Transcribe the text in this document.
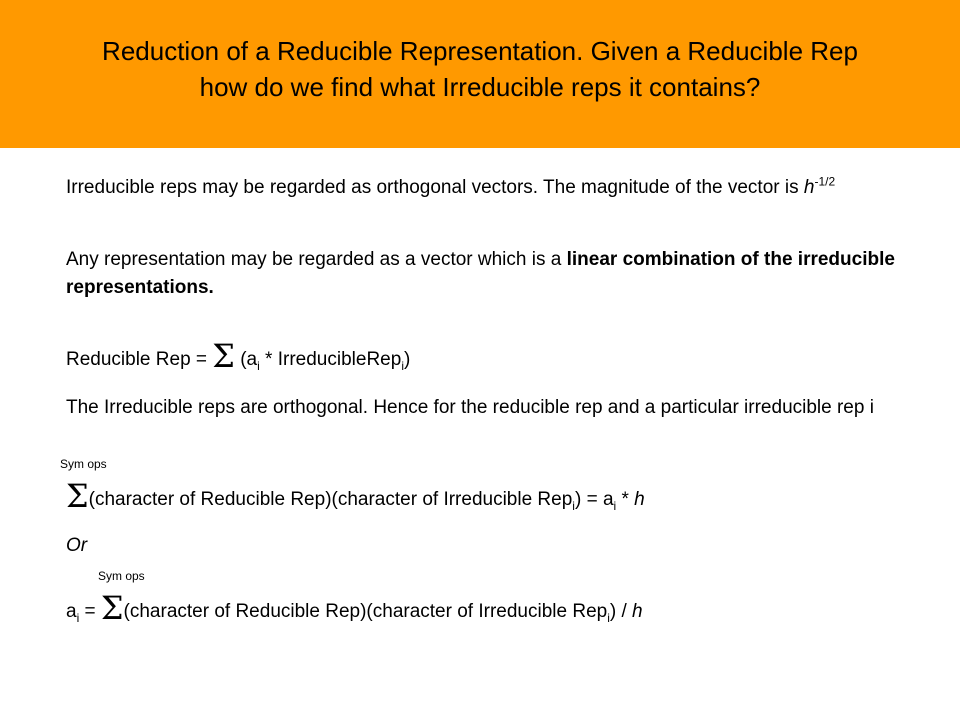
Reduction of a Reducible Representation. Given a Reducible Rep
how do we find what Irreducible reps it contains?
Irreducible reps may be regarded as orthogonal vectors. The magnitude of the vector is $h^{-1/2}$
Any representation may be regarded as a vector which is a linear combination of the irreducible representations.
Reducible Rep = Σ ($a_i$ * IrreducibleRep$_i$)
The Irreducible reps are orthogonal. Hence for the reducible rep and a particular irreducible rep i
Sym ops
Σ(character of Reducible Rep)(character of Irreducible $Rep_i) = a_i * h$
Or
Sym ops
$a_i$ = Σ(character of Reducible Rep)(character of Irreducible Rep$_i$) / h
